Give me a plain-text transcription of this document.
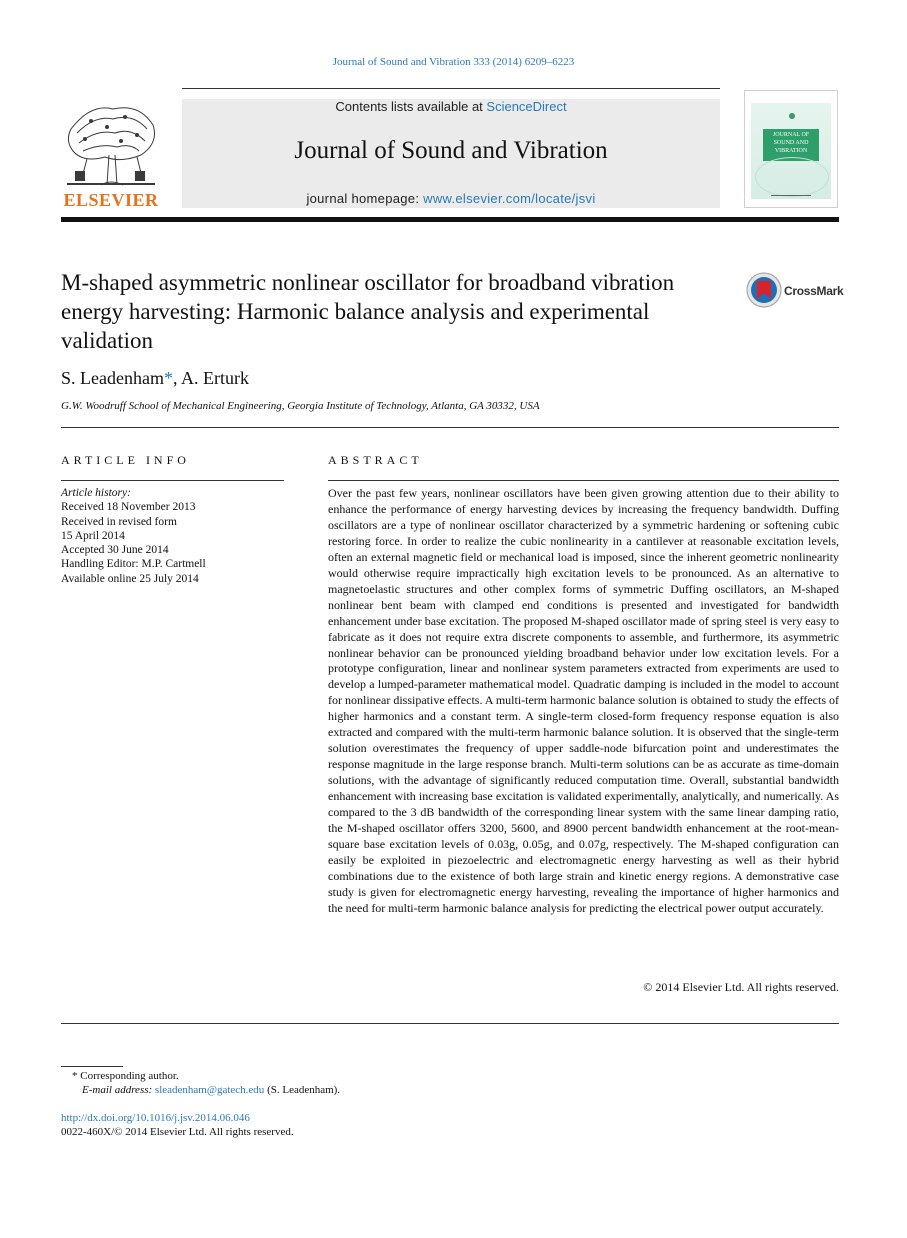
Journal of Sound and Vibration 333 (2014) 6209–6223
Contents lists available at ScienceDirect
Journal of Sound and Vibration
journal homepage: www.elsevier.com/locate/jsvi
ELSEVIER
JOURNAL OF SOUND AND VIBRATION
M-shaped asymmetric nonlinear oscillator for broadband vibration energy harvesting: Harmonic balance analysis and experimental validation
CrossMark
S. Leadenham*, A. Erturk
G.W. Woodruff School of Mechanical Engineering, Georgia Institute of Technology, Atlanta, GA 30332, USA
ARTICLE INFO	ABSTRACT
Article history:
Received 18 November 2013
Received in revised form
15 April 2014
Accepted 30 June 2014
Handling Editor: M.P. Cartmell
Available online 25 July 2014
Over the past few years, nonlinear oscillators have been given growing attention due to their ability to enhance the performance of energy harvesting devices by increasing the frequency bandwidth. Duffing oscillators are a type of nonlinear oscillator characterized by a symmetric hardening or softening cubic restoring force. In order to realize the cubic nonlinearity in a cantilever at reasonable excitation levels, often an external magnetic field or mechanical load is imposed, since the inherent geometric nonlinearity would otherwise require impractically high excitation levels to be pronounced. As an alternative to magnetoelastic structures and other complex forms of symmetric Duffing oscillators, an M-shaped nonlinear bent beam with clamped end conditions is presented and investigated for bandwidth enhancement under base excitation. The proposed M-shaped oscillator made of spring steel is very easy to fabricate as it does not require extra discrete components to assemble, and furthermore, its asymmetric nonlinear behavior can be pronounced yielding broadband behavior under low excitation levels. For a prototype configuration, linear and nonlinear system parameters extracted from experiments are used to develop a lumped-parameter mathematical model. Quadratic damping is included in the model to account for nonlinear dissipative effects. A multi-term harmonic balance solution is obtained to study the effects of higher harmonics and a constant term. A single-term closed-form frequency response equation is also extracted and compared with the multi-term harmonic balance solution. It is observed that the single-term solution overestimates the frequency of upper saddle-node bifurcation point and underestimates the response magnitude in the large response branch. Multi-term solutions can be as accurate as time-domain solutions, with the advantage of significantly reduced computation time. Overall, substantial bandwidth enhancement with increasing base excitation is validated experimentally, analytically, and numerically. As compared to the 3 dB bandwidth of the corresponding linear system with the same linear damping ratio, the M-shaped oscillator offers 3200, 5600, and 8900 percent bandwidth enhancement at the root-mean-square base excitation levels of 0.03g, 0.05g, and 0.07g, respectively. The M-shaped configuration can easily be exploited in piezoelectric and electromagnetic energy harvesting as well as their hybrid combinations due to the existence of both large strain and kinetic energy regions. A demonstrative case study is given for electromagnetic energy harvesting, revealing the importance of higher harmonics and the need for multi-term harmonic balance analysis for predicting the electrical power output accurately.
© 2014 Elsevier Ltd. All rights reserved.
* Corresponding author.
E-mail address: sleadenham@gatech.edu (S. Leadenham).
http://dx.doi.org/10.1016/j.jsv.2014.06.046
0022-460X/© 2014 Elsevier Ltd. All rights reserved.
